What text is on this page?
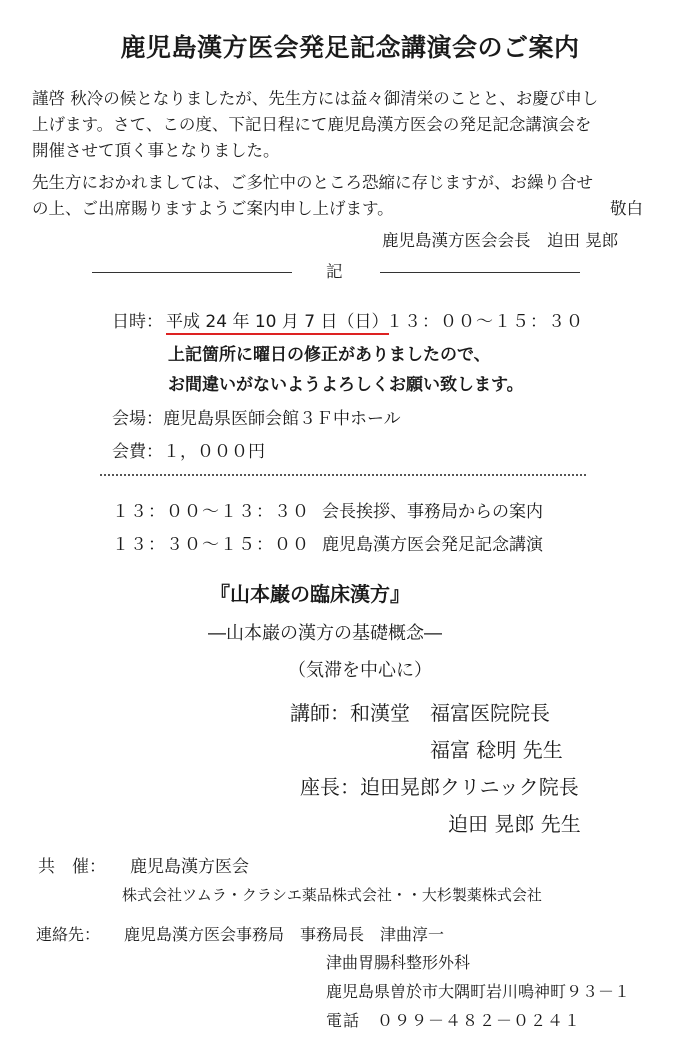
鹿児島漢方医会発足記念講演会のご案内
謹啓 秋冷の候となりましたが、先生方には益々御清栄のことと、お慶び申し
上げます。さて、この度、下記日程にて鹿児島漢方医会の発足記念講演会を
開催させて頂く事となりました。
先生方におかれましては、ご多忙中のところ恐縮に存じますが、お繰り合せ
の上、ご出席賜りますようご案内申し上げます。	敬白
鹿児島漢方医会会長　迫田 晃郎
記
日時： 平成 24 年 10 月 7 日（日）
１３：００～１５：３０
上記箇所に曜日の修正がありましたので、
お間違いがないようよろしくお願い致します。
会場：鹿児島県医師会館３Ｆ中ホール
会費：１，０００円
１３：００～１３：３０ 会長挨拶、事務局からの案内
１３：３０～１５：００ 鹿児島漢方医会発足記念講演
『山本巌の臨床漢方』
―山本巌の漢方の基礎概念―
（気滞を中心に）
講師：和漢堂　福富医院院長
福富 稔明 先生
座長：迫田晃郎クリニック院長
迫田 晃郎 先生
共　催： 鹿児島漢方医会
株式会社ツムラ・クラシエ薬品株式会社・・大杉製薬株式会社
連絡先： 鹿児島漢方医会事務局　事務局長　津曲淳一
津曲胃腸科整形外科
鹿児島県曽於市大隅町岩川鳴神町９３－１
電話　０９９－４８２－０２４１
